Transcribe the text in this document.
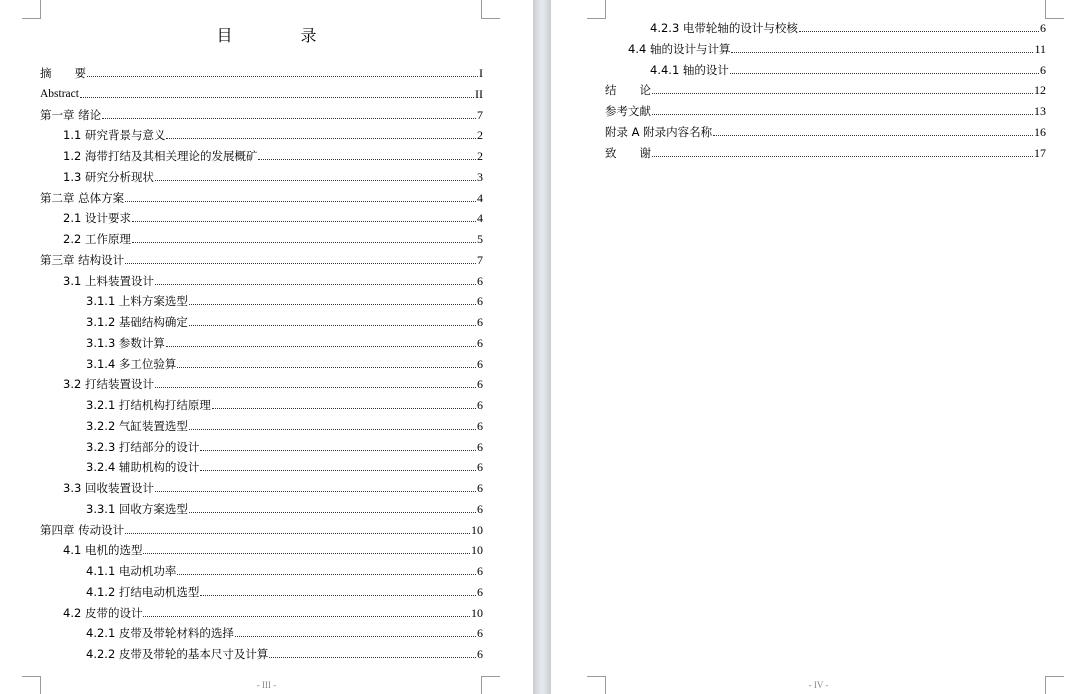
目　录
摘　　要	I
Abstract	II
第一章 绪论	7
1.1 研究背景与意义	2
1.2 海带打结及其相关理论的发展概矿	2
1.3 研究分析现状	3
第二章 总体方案	4
2.1 设计要求	4
2.2 工作原理	5
第三章 结构设计	7
3.1 上料装置设计	6
3.1.1 上料方案选型	6
3.1.2 基础结构确定	6
3.1.3 参数计算	6
3.1.4 多工位验算	6
3.2 打结装置设计	6
3.2.1 打结机构打结原理	6
3.2.2 气缸装置选型	6
3.2.3 打结部分的设计	6
3.2.4 辅助机构的设计	6
3.3 回收装置设计	6
3.3.1 回收方案选型	6
第四章 传动设计	10
4.1 电机的选型	10
4.1.1 电动机功率	6
4.1.2 打结电动机选型	6
4.2 皮带的设计	10
4.2.1 皮带及带轮材料的选择	6
4.2.2 皮带及带轮的基本尺寸及计算	6
- III -
4.2.3 电带轮轴的设计与校核	6
4.4 轴的设计与计算	11
4.4.1 轴的设计	6
结　　论	12
参考文献	13
附录 A 附录内容名称	16
致　　谢	17
- IV -
